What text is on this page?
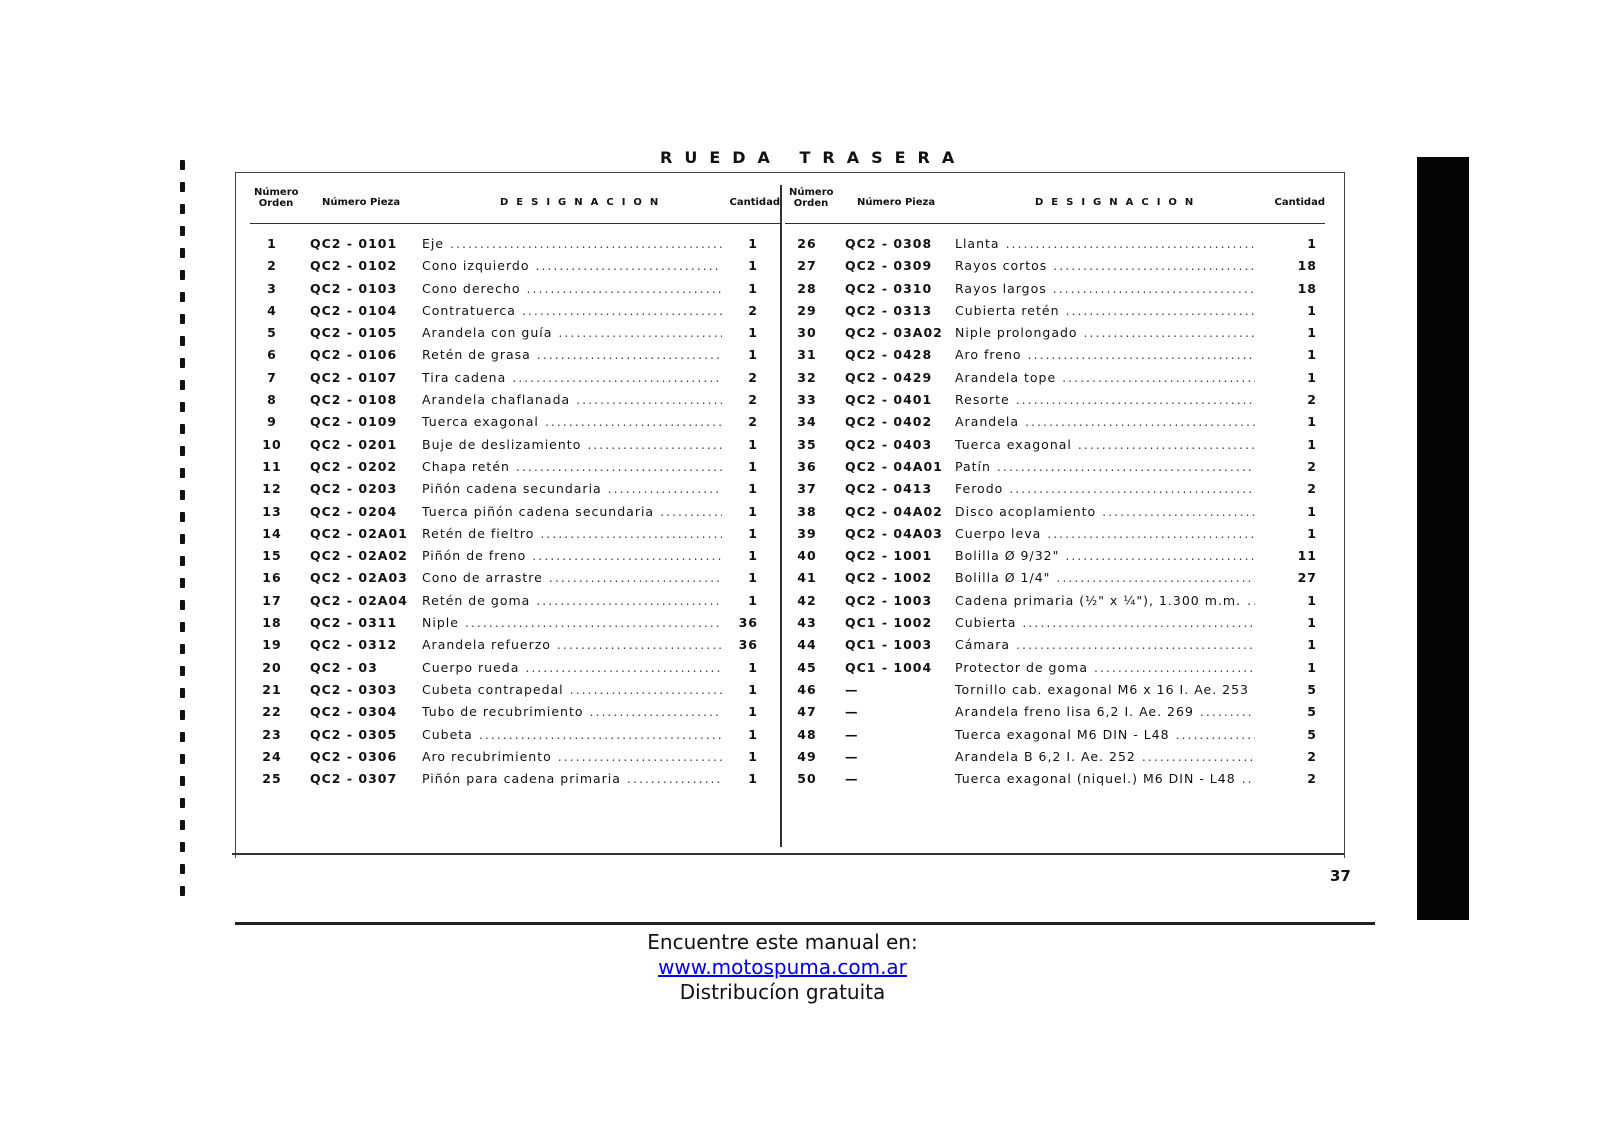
RUEDA TRASERA
Número
Orden	Número Pieza	DESIGNACION	Cantidad
1	QC2 - 0101 Eje .....	1
2	QC2 - 0102 Cono izquierdo .....	1
3	QC2 - 0103 Cono derecho .....	1
4	QC2 - 0104 Contratuerca .....	2
5	QC2 - 0105 Arandela con guía .....	1
6	QC2 - 0106 Retén de grasa .....	1
7	QC2 - 0107 Tira cadena .....	2
8	QC2 - 0108 Arandela chaflanada .....	2
9	QC2 - 0109 Tuerca exagonal .....	2
10	QC2 - 0201 Buje de deslizamiento .....	1
11	QC2 - 0202 Chapa retén .....	1
12	QC2 - 0203 Piñón cadena secundaria .....	1
13	QC2 - 0204 Tuerca piñón cadena secundaria .....	1
14	QC2 - 02A01 Retén de fieltro .....	1
15	QC2 - 02A02 Piñón de freno .....	1
16	QC2 - 02A03 Cono de arrastre .....	1
17	QC2 - 02A04 Retén de goma .....	1
18	QC2 - 0311 Niple .....	36
19	QC2 - 0312 Arandela refuerzo .....	36
20	QC2 - 03	Cuerpo rueda .....	1
21	QC2 - 0303 Cubeta contrapedal .....	1
22	QC2 - 0304 Tubo de recubrimiento .....	1
23	QC2 - 0305 Cubeta .....	1
24	QC2 - 0306 Aro recubrimiento .....	1
25	QC2 - 0307 Piñón para cadena primaria .....	1
Número
Orden	Número Pieza	DESIGNACION	Cantidad
26	QC2 - 0308 Llanta .....	1
27	QC2 - 0309 Rayos cortos .....	18
28	QC2 - 0310 Rayos largos .....	18
29	QC2 - 0313 Cubierta retén .....	1
30	QC2 - 03A02 Niple prolongado .....	1
31	QC2 - 0428 Aro freno .....	1
32	QC2 - 0429 Arandela tope .....	1
33	QC2 - 0401 Resorte .....	2
34	QC2 - 0402 Arandela .....	1
35	QC2 - 0403 Tuerca exagonal .....	1
36	QC2 - 04A01 Patín .....	2
37	QC2 - 0413 Ferodo .....	2
38	QC2 - 04A02 Disco acoplamiento .....	1
39	QC2 - 04A03 Cuerpo leva .....	1
40	QC2 - 1001 Bolilla Ø 9/32" .....	11
41	QC2 - 1002 Bolilla Ø 1/4" .....	27
42	QC2 - 1003 Cadena primaria (½" x ¼"), 1.300 m.m. .....	1
43	QC1 - 1002 Cubierta .....	1
44	QC1 - 1003 Cámara .....	1
45	QC1 - 1004 Protector de goma .....	1
46	—	Tornillo cab. exagonal M6 x 16 I. Ae. 253 .....	5
47	—	Arandela freno lisa 6,2 I. Ae. 269 .....	5
48	—	Tuerca exagonal M6 DIN - L48 .....	5
49	—	Arandela B 6,2 I. Ae. 252 .....	2
50	—	Tuerca exagonal (niquel.) M6 DIN - L48 .....	2
37
Encuentre este manual en:
www.motospuma.com.ar
Distribucíon gratuita
